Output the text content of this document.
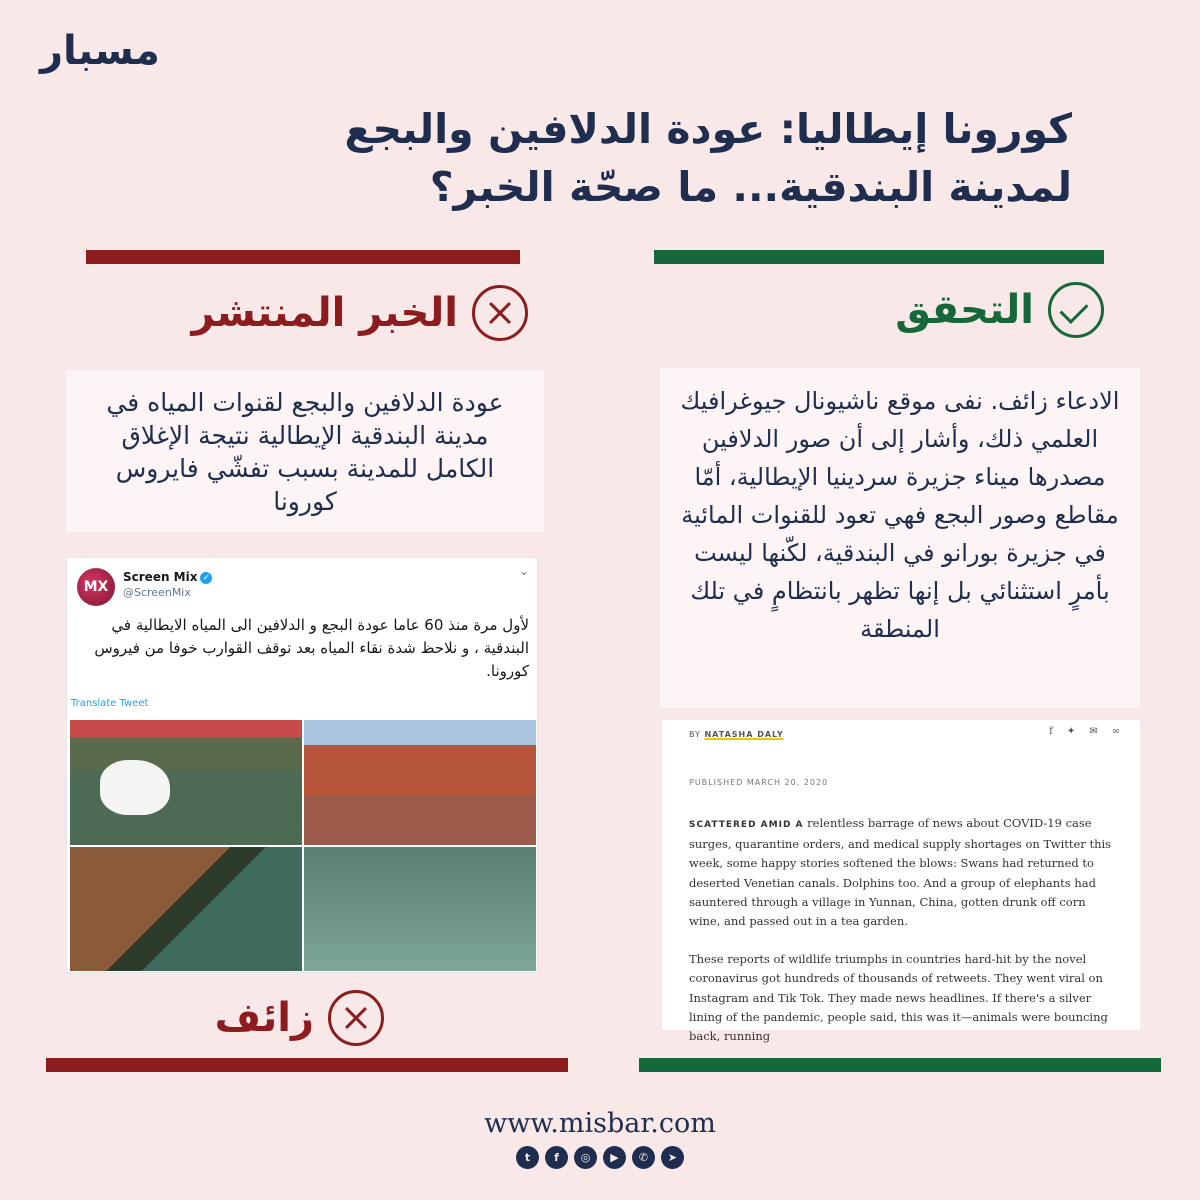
مسبار
كورونا إيطاليا: عودة الدلافين والبجع
لمدينة البندقية... ما صحّة الخبر؟
الخبر المنتشر	التحقق
عودة الدلافين والبجع لقنوات المياه في مدينة البندقية الإيطالية نتيجة الإغلاق الكامل للمدينة بسبب تفشّي فايروس كورونا
الادعاء زائف. نفى موقع ناشيونال جيوغرافيك العلمي ذلك، وأشار إلى أن صور الدلافين مصدرها ميناء جزيرة سردينيا الإيطالية، أمّا مقاطع وصور البجع فهي تعود للقنوات المائية في جزيرة بورانو في البندقية، لكّنها ليست بأمرٍ استثنائي بل إنها تظهر بانتظامٍ في تلك المنطقة
MX
Screen Mix ✓
@ScreenMix
⌄
لأول مرة منذ 60 عاما عودة البجع و الدلافين الى المياه الايطالية في البندقية ، و نلاحظ شدة نقاء المياه بعد توقف القوارب خوفا من فيروس كورونا.
Translate Tweet
BY NATASHA DALY	f ✦ ✉ ∞
PUBLISHED MARCH 20, 2020

SCATTERED AMID A relentless barrage of news about COVID-19 case surges, quarantine orders, and medical supply shortages on Twitter this week, some happy stories softened the blows: Swans had returned to deserted Venetian canals. Dolphins too. And a group of elephants had sauntered through a village in Yunnan, China, gotten drunk off corn wine, and passed out in a tea garden.

These reports of wildlife triumphs in countries hard-hit by the novel coronavirus got hundreds of thousands of retweets. They went viral on Instagram and Tik Tok. They made news headlines. If there's a silver lining of the pandemic, people said, this was it—animals were bouncing back, running

زائف
www.misbar.com
t	f	◎	▶	✆	➤
